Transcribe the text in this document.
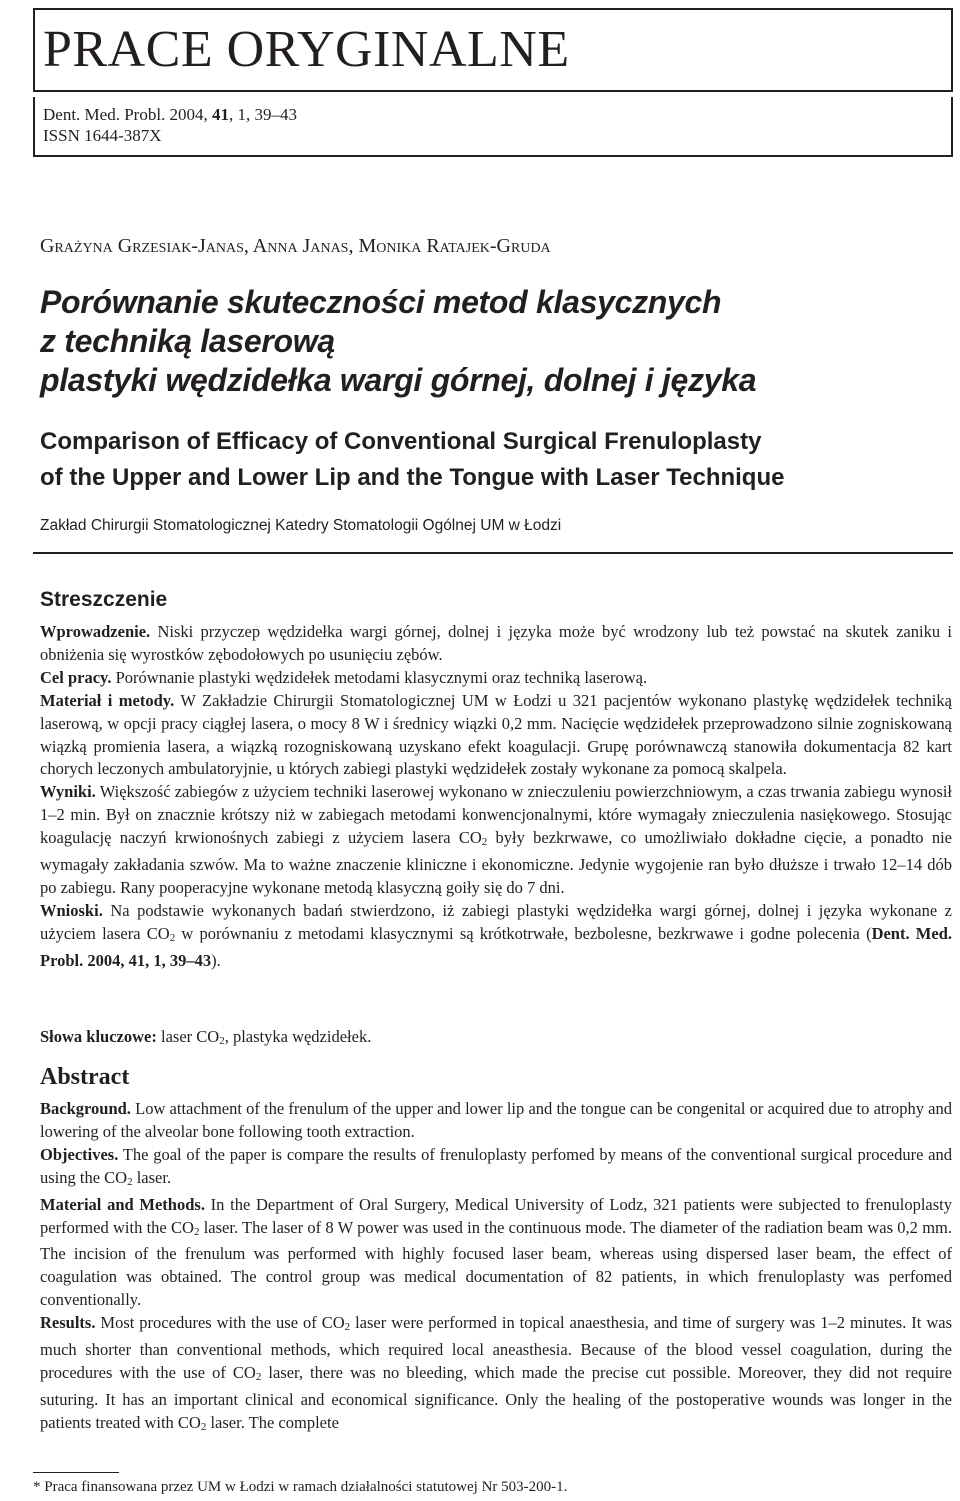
PRACE ORYGINALNE
Dent. Med. Probl. 2004, 41, 1, 39–43
ISSN 1644-387X
Grażyna Grzesiak-Janas, Anna Janas, Monika Ratajek-Gruda
Porównanie skuteczności metod klasycznych
z techniką laserową
plastyki wędzidełka wargi górnej, dolnej i języka
Comparison of Efficacy of Conventional Surgical Frenuloplasty
of the Upper and Lower Lip and the Tongue with Laser Technique
Zakład Chirurgii Stomatologicznej Katedry Stomatologii Ogólnej UM w Łodzi
Streszczenie

Wprowadzenie. Niski przyczep wędzidełka wargi górnej, dolnej i języka może być wrodzony lub też powstać na skutek zaniku i obniżenia się wyrostków zębodołowych po usunięciu zębów.

Cel pracy. Porównanie plastyki wędzidełek metodami klasycznymi oraz techniką laserową.

Materiał i metody. W Zakładzie Chirurgii Stomatologicznej UM w Łodzi u 321 pacjentów wykonano plastykę wędzidełek techniką laserową, w opcji pracy ciągłej lasera, o mocy 8 W i średnicy wiązki 0,2 mm. Nacięcie wędzidełek przeprowadzono silnie zogniskowaną wiązką promienia lasera, a wiązką rozogniskowaną uzyskano efekt koagulacji. Grupę porównawczą stanowiła dokumentacja 82 kart chorych leczonych ambulatoryjnie, u których zabiegi plastyki wędzidełek zostały wykonane za pomocą skalpela.

Wyniki. Większość zabiegów z użyciem techniki laserowej wykonano w znieczuleniu powierzchniowym, a czas trwania zabiegu wynosił 1–2 min. Był on znacznie krótszy niż w zabiegach metodami konwencjonalnymi, które wymagały znieczulenia nasiękowego. Stosując koagulację naczyń krwionośnych zabiegi z użyciem lasera $CO_2$ były bezkrwawe, co umożliwiało dokładne cięcie, a ponadto nie wymagały zakładania szwów. Ma to ważne znaczenie kliniczne i ekonomiczne. Jedynie wygojenie ran było dłuższe i trwało 12–14 dób po zabiegu. Rany pooperacyjne wykonane metodą klasyczną goiły się do 7 dni.

Wnioski. Na podstawie wykonanych badań stwierdzono, iż zabiegi plastyki wędzidełka wargi górnej, dolnej i języka wykonane z użyciem lasera $CO_2$ w porównaniu z metodami klasycznymi są krótkotrwałe, bezbolesne, bezkrwawe i godne polecenia (Dent. Med. Probl. 2004, 41, 1, 39–43).

Słowa kluczowe: laser $CO_2$, plastyka wędzidełek.
Abstract

Background. Low attachment of the frenulum of the upper and lower lip and the tongue can be congenital or acquired due to atrophy and lowering of the alveolar bone following tooth extraction.

Objectives. The goal of the paper is compare the results of frenuloplasty perfomed by means of the conventional surgical procedure and using the $CO_2$ laser.

Material and Methods. In the Department of Oral Surgery, Medical University of Lodz, 321 patients were subjected to frenuloplasty performed with the $CO_2$ laser. The laser of 8 W power was used in the continuous mode. The diameter of the radiation beam was 0,2 mm. The incision of the frenulum was performed with highly focused laser beam, whereas using dispersed laser beam, the effect of coagulation was obtained. The control group was medical documentation of 82 patients, in which frenuloplasty was perfomed conventionally.

Results. Most procedures with the use of $CO_2$ laser were performed in topical anaesthesia, and time of surgery was 1–2 minutes. It was much shorter than conventional methods, which required local aneasthesia. Because of the blood vessel coagulation, during the procedures with the use of $CO_2$ laser, there was no bleeding, which made the precise cut possible. Moreover, they did not require suturing. It has an important clinical and economical significance. Only the healing of the postoperative wounds was longer in the patients treated with $CO_2$ laser. The complete

* Praca finansowana przez UM w Łodzi w ramach działalności statutowej Nr 503-200-1.
